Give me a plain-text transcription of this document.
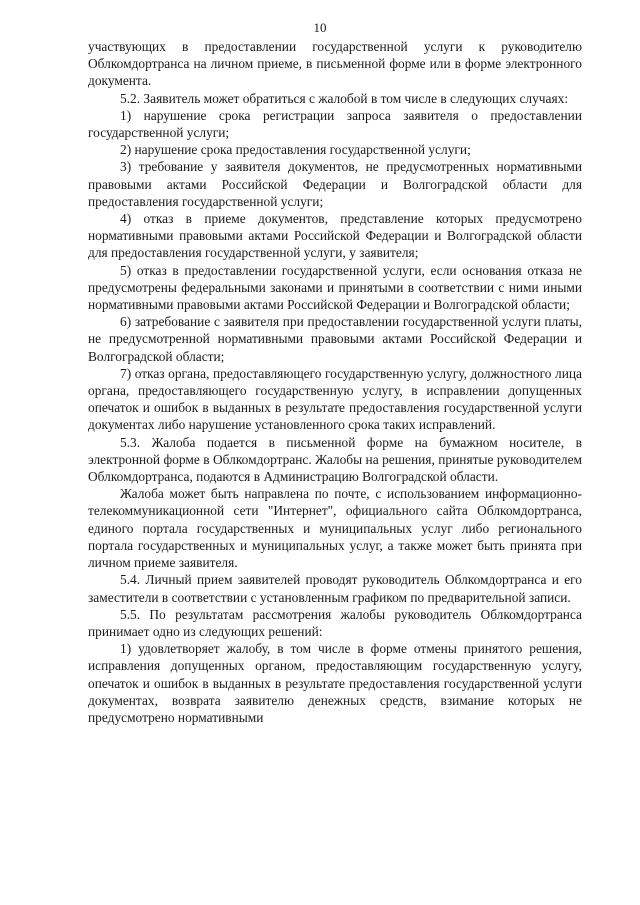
10

участвующих в предоставлении государственной услуги к руководителю Облкомдортранса на личном приеме, в письменной форме или в форме электронного документа.

5.2. Заявитель может обратиться с жалобой в том числе в следующих случаях:

1) нарушение срока регистрации запроса заявителя о предоставлении государственной услуги;

2) нарушение срока предоставления государственной услуги;

3) требование у заявителя документов, не предусмотренных нормативными правовыми актами Российской Федерации и Волгоградской области для предоставления государственной услуги;

4) отказ в приеме документов, представление которых предусмотрено нормативными правовыми актами Российской Федерации и Волгоградской области для предоставления государственной услуги, у заявителя;

5) отказ в предоставлении государственной услуги, если основания отказа не предусмотрены федеральными законами и принятыми в соответствии с ними иными нормативными правовыми актами Российской Федерации и Волгоградской области;

6) затребование с заявителя при предоставлении государственной услуги платы, не предусмотренной нормативными правовыми актами Российской Федерации и Волгоградской области;

7) отказ органа, предоставляющего государственную услугу, должностного лица органа, предоставляющего государственную услугу, в исправлении допущенных опечаток и ошибок в выданных в результате предоставления государственной услуги документах либо нарушение установленного срока таких исправлений.

5.3. Жалоба подается в письменной форме на бумажном носителе, в электронной форме в Облкомдортранс. Жалобы на решения, принятые руководителем Облкомдортранса, подаются в Администрацию Волгоградской области.

Жалоба может быть направлена по почте, с использованием информационно-телекоммуникационной сети "Интернет", официального сайта Облкомдортранса, единого портала государственных и муниципальных услуг либо регионального портала государственных и муниципальных услуг, а также может быть принята при личном приеме заявителя.

5.4. Личный прием заявителей проводят руководитель Облкомдортранса и его заместители в соответствии с установленным графиком по предварительной записи.

5.5. По результатам рассмотрения жалобы руководитель Облкомдортранса принимает одно из следующих решений:

1) удовлетворяет жалобу, в том числе в форме отмены принятого решения, исправления допущенных органом, предоставляющим государственную услугу, опечаток и ошибок в выданных в результате предоставления государственной услуги документах, возврата заявителю денежных средств, взимание которых не предусмотрено нормативными
